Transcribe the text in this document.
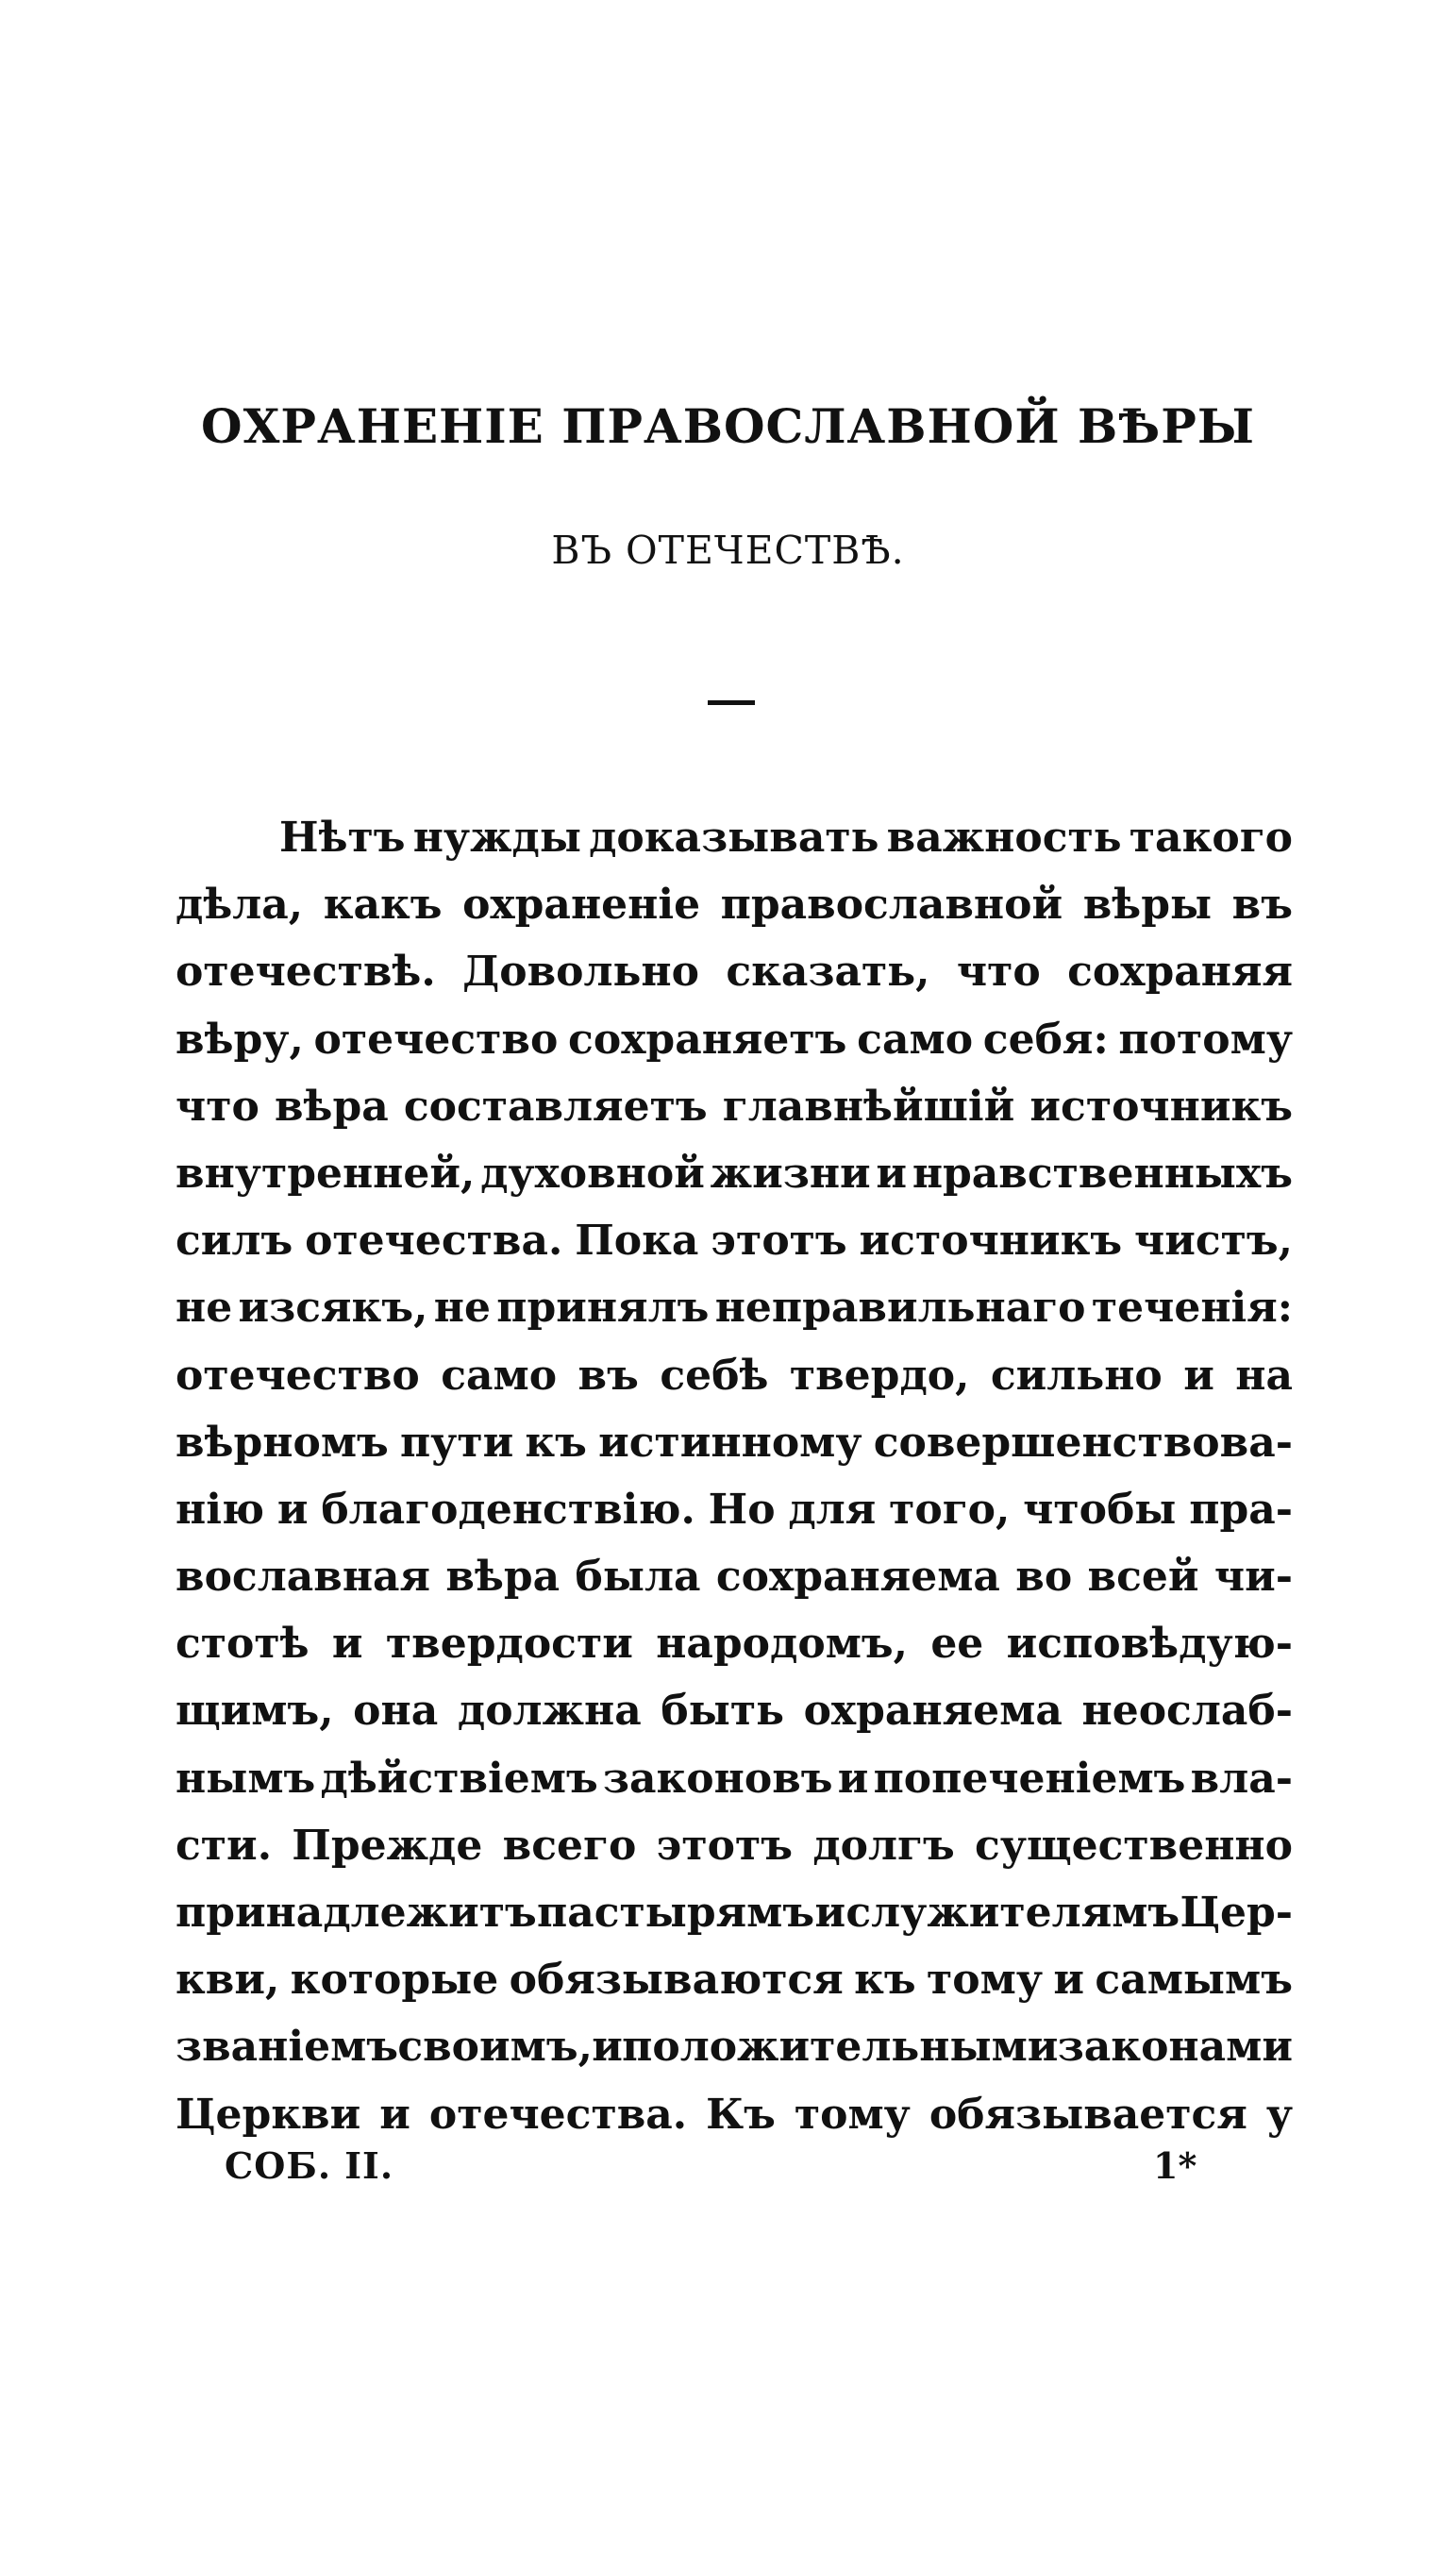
ОХРАНЕНІЕ ПРАВОСЛАВНОЙ ВѢРЫ
ВЪ ОТЕЧЕСТВѢ.
Нѣтъ нужды доказывать важность такого
дѣла, какъ охраненіе православной вѣры въ
отечествѣ. Довольно сказать, что сохраняя
вѣру, отечество сохраняетъ само себя: потому
что вѣра составляетъ главнѣйшій источникъ
внутренней, духовной жизни и нравственныхъ
силъ отечества. Пока этотъ источникъ чистъ,
не изсякъ, не принялъ неправильнаго теченія:
отечество само въ себѣ твердо, сильно и на
вѣрномъ пути къ истинному совершенствова-
нію и благоденствію. Но для того, чтобы пра-
вославная вѣра была сохраняема во всей чи-
стотѣ и твердости народомъ, ее исповѣдую-
щимъ, она должна быть охраняема неослаб-
нымъ дѣйствіемъ законовъ и попеченіемъ вла-
сти. Прежде всего этотъ долгъ существенно
принадлежитъ пастырямъ и служителямъ Цер-
кви, которые обязываются къ тому и самымъ
званіемъ своимъ, и положительными законами
Церкви и отечества. Къ тому обязывается у
СОБ. II.	1*
